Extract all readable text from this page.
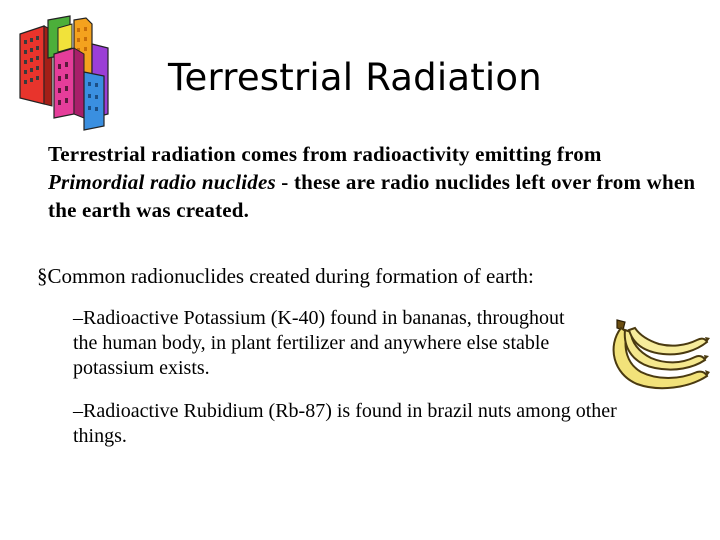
Terrestrial Radiation
Terrestrial radiation comes from radioactivity emitting from Primordial radio nuclides - these are radio nuclides left over from when the earth was created.
§Common radionuclides created during formation of earth:
–Radioactive Potassium (K-40) found in bananas, throughout the human body, in plant fertilizer and anywhere else stable potassium exists.
–Radioactive Rubidium (Rb-87) is found in brazil nuts among other things.
